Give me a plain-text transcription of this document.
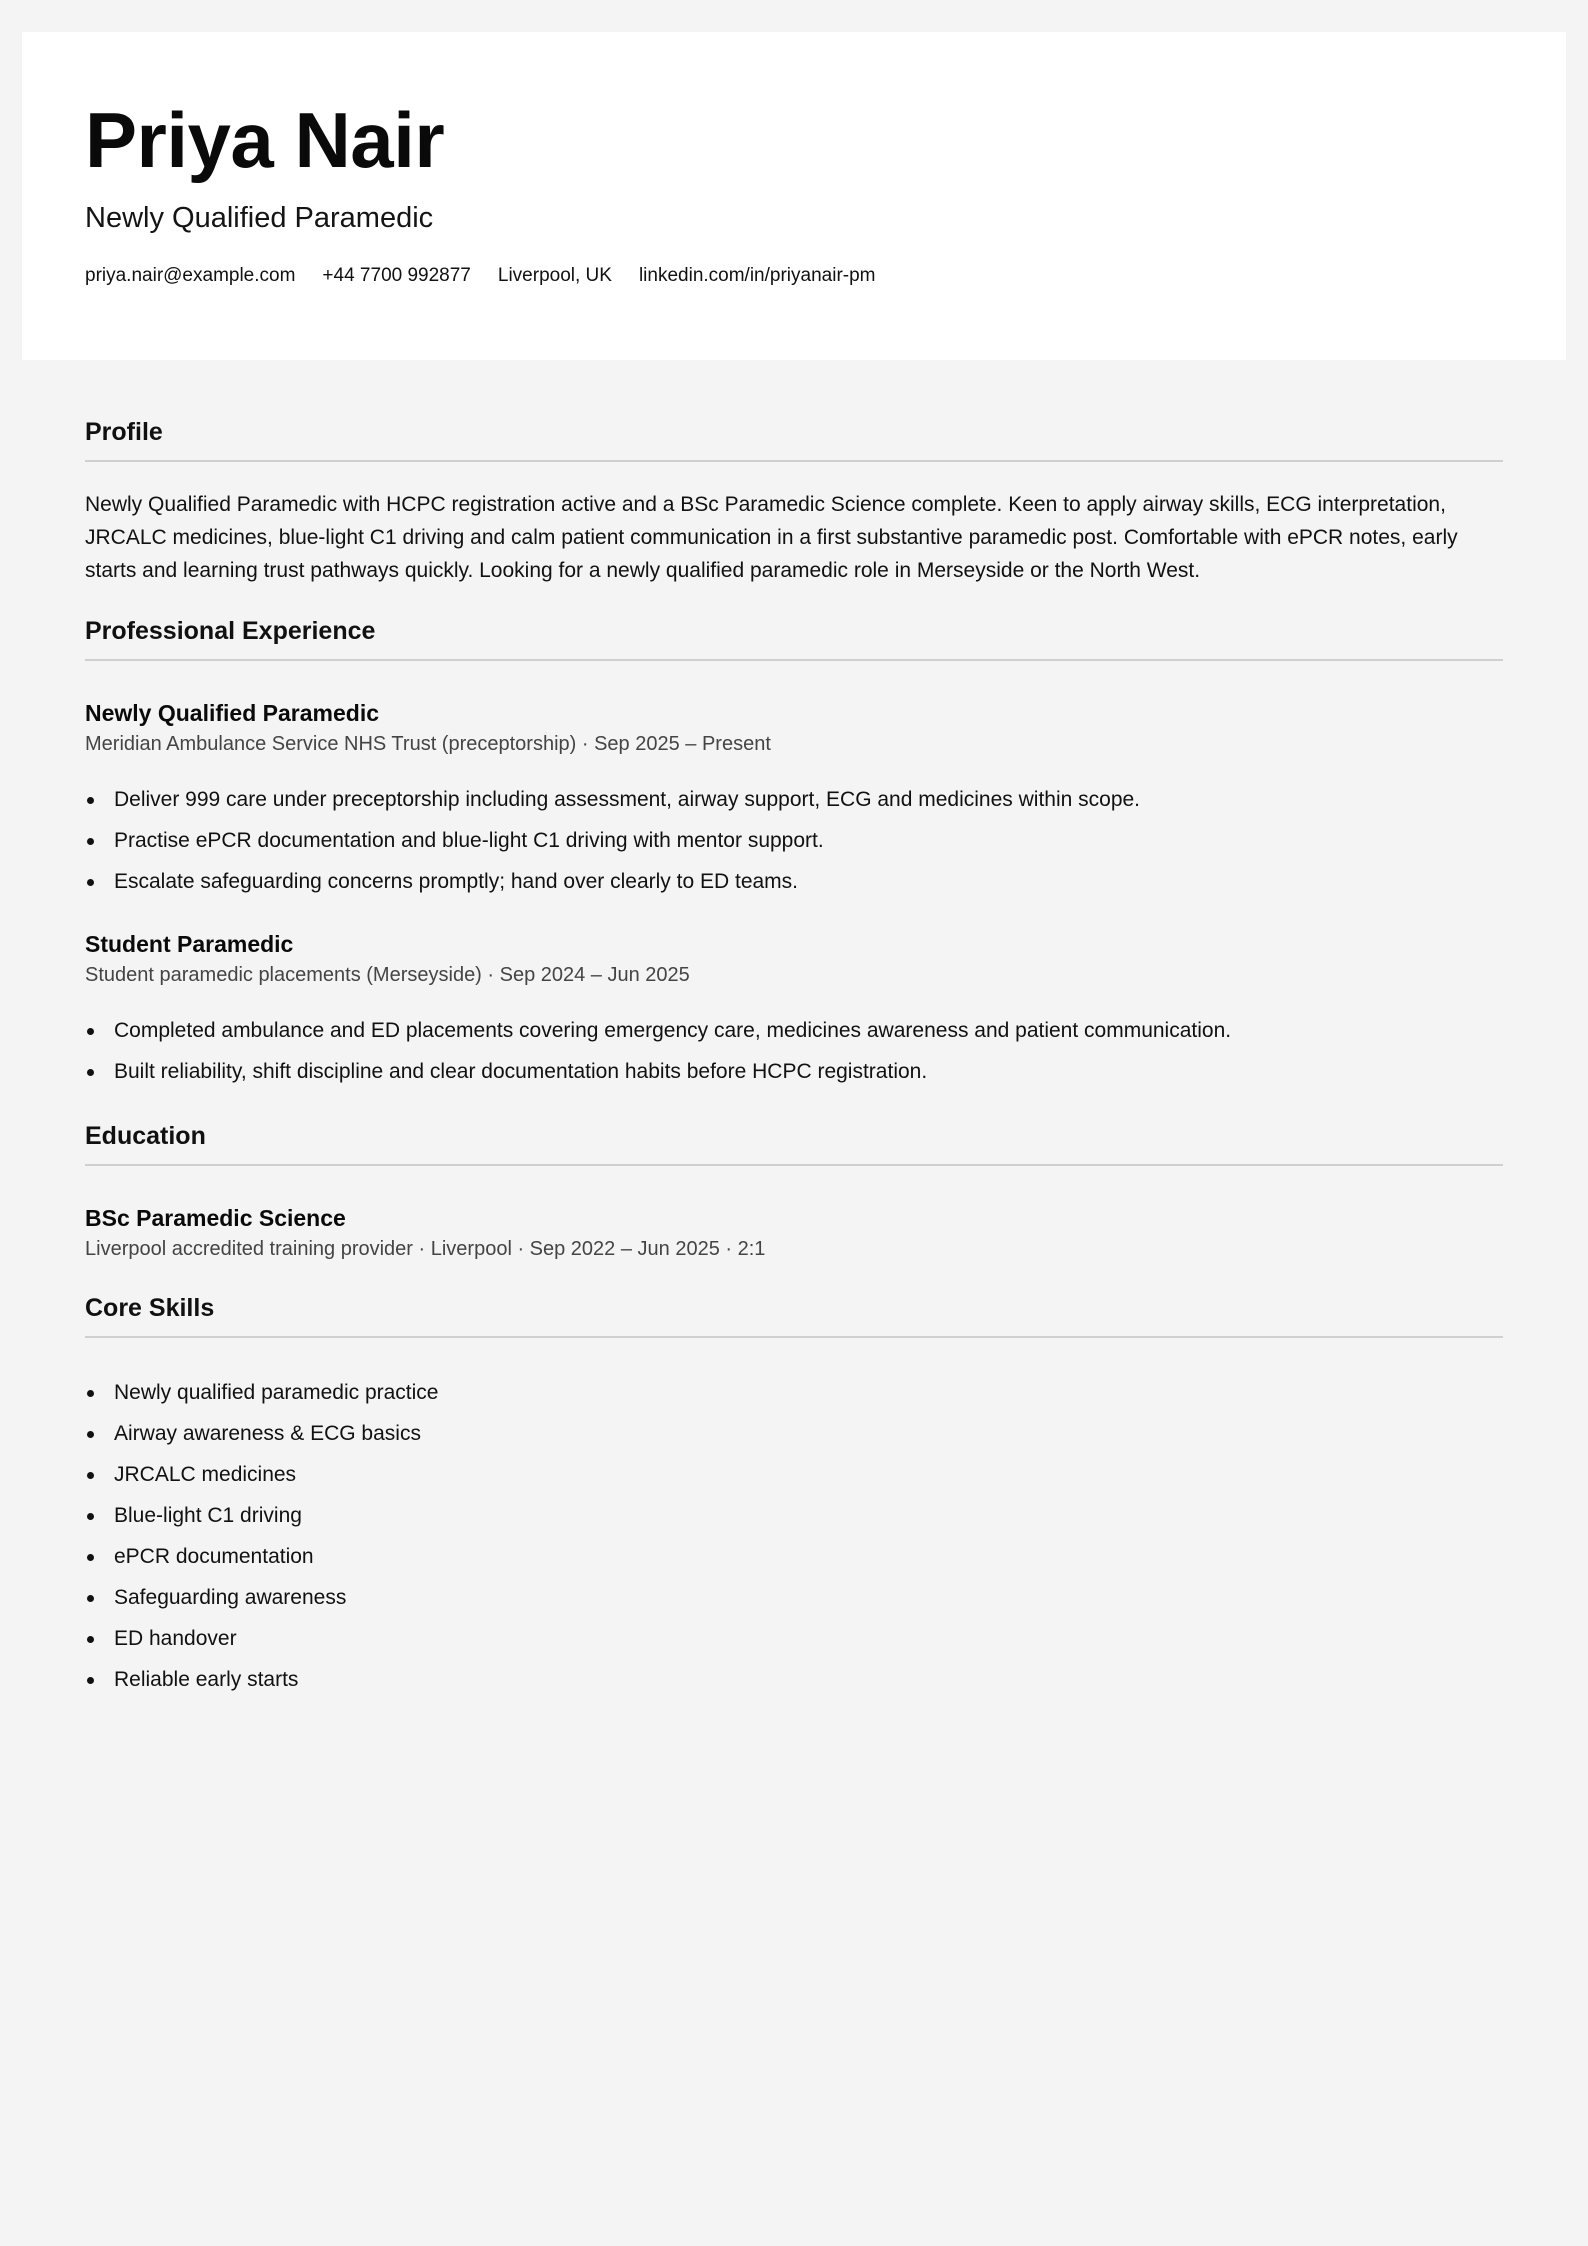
Priya Nair
Newly Qualified Paramedic
priya.nair@example.com +44 7700 992877 Liverpool, UK linkedin.com/in/priyanair-pm
Profile

Newly Qualified Paramedic with HCPC registration active and a BSc Paramedic Science complete. Keen to apply airway skills, ECG interpretation, JRCALC medicines, blue-light C1 driving and calm patient communication in a first substantive paramedic post. Comfortable with ePCR notes, early starts and learning trust pathways quickly. Looking for a newly qualified paramedic role in Merseyside or the North West.

Professional Experience
Newly Qualified Paramedic
Meridian Ambulance Service NHS Trust (preceptorship) · Sep 2025 – Present
Deliver 999 care under preceptorship including assessment, airway support, ECG and medicines within scope.
Practise ePCR documentation and blue-light C1 driving with mentor support.
Escalate safeguarding concerns promptly; hand over clearly to ED teams.
Student Paramedic
Student paramedic placements (Merseyside) · Sep 2024 – Jun 2025
Completed ambulance and ED placements covering emergency care, medicines awareness and patient communication.
Built reliability, shift discipline and clear documentation habits before HCPC registration.
Education
BSc Paramedic Science
Liverpool accredited training provider · Liverpool · Sep 2022 – Jun 2025 · 2:1
Core Skills
Newly qualified paramedic practice
Airway awareness & ECG basics
JRCALC medicines
Blue-light C1 driving
ePCR documentation
Safeguarding awareness
ED handover
Reliable early starts
